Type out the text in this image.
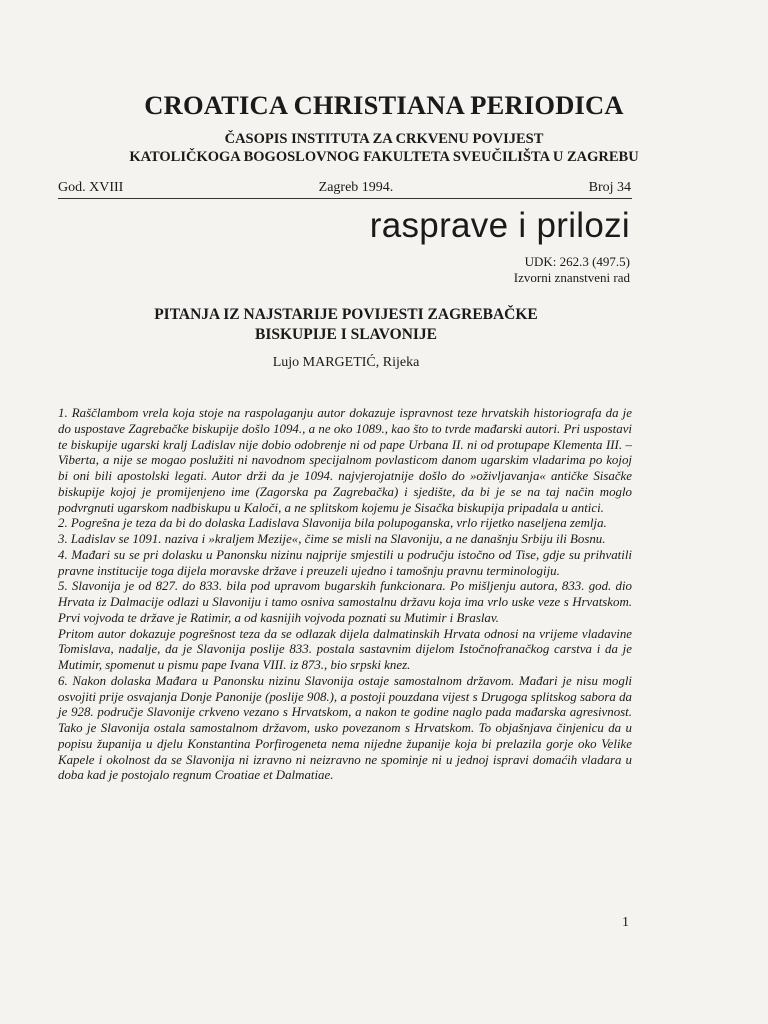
CROATICA CHRISTIANA PERIODICA
ČASOPIS INSTITUTA ZA CRKVENU POVIJEST
KATOLIČKOGA BOGOSLOVNOG FAKULTETA SVEUČILIŠTA U ZAGREBU
God. XVIII	Zagreb 1994.	Broj 34
rasprave i prilozi
UDK: 262.3 (497.5)
Izvorni znanstveni rad
PITANJA IZ NAJSTARIJE POVIJESTI ZAGREBAČKE
BISKUPIJE I SLAVONIJE
Lujo MARGETIĆ, Rijeka

1. Raščlambom vrela koja stoje na raspolaganju autor dokazuje ispravnost teze hrvatskih historiografa da je do uspostave Zagrebačke biskupije došlo 1094., a ne oko 1089., kao što to tvrde mađarski autori. Pri uspostavi te biskupije ugarski kralj Ladislav nije dobio odobrenje ni od pape Urbana II. ni od protupape Klementa III. – Viberta, a nije se mogao poslužiti ni navodnom specijalnom povlasticom danom ugarskim vladarima po kojoj bi oni bili apostolski legati. Autor drži da je 1094. najvjerojatnije došlo do »oživljavanja« antičke Sisačke biskupije kojoj je promijenjeno ime (Zagorska pa Zagrebačka) i sjedište, da bi je se na taj način moglo podvrgnuti ugarskom nadbiskupu u Kaloči, a ne splitskom kojemu je Sisačka biskupija pripadala u antici.

2. Pogrešna je teza da bi do dolaska Ladislava Slavonija bila polupoganska, vrlo rijetko naseljena zemlja.

3. Ladislav se 1091. naziva i »kraljem Mezije«, čime se misli na Slavoniju, a ne današnju Srbiju ili Bosnu.

4. Mađari su se pri dolasku u Panonsku nizinu najprije smjestili u području istočno od Tise, gdje su prihvatili pravne institucije toga dijela moravske države i preuzeli ujedno i tamošnju pravnu terminologiju.

5. Slavonija je od 827. do 833. bila pod upravom bugarskih funkcionara. Po mišljenju autora, 833. god. dio Hrvata iz Dalmacije odlazi u Slavoniju i tamo osniva samostalnu državu koja ima vrlo uske veze s Hrvatskom. Prvi vojvoda te države je Ratimir, a od kasnijih vojvoda poznati su Mutimir i Braslav.

Pritom autor dokazuje pogrešnost teza da se odlazak dijela dalmatinskih Hrvata odnosi na vrijeme vladavine Tomislava, nadalje, da je Slavonija poslije 833. postala sastavnim dijelom Istočnofranačkog carstva i da je Mutimir, spomenut u pismu pape Ivana VIII. iz 873., bio srpski knez.

6. Nakon dolaska Mađara u Panonsku nizinu Slavonija ostaje samostalnom državom. Mađari je nisu mogli osvojiti prije osvajanja Donje Panonije (poslije 908.), a postoji pouzdana vijest s Drugoga splitskog sabora da je 928. područje Slavonije crkveno vezano s Hrvatskom, a nakon te godine naglo pada mađarska agresivnost. Tako je Slavonija ostala samostalnom državom, usko povezanom s Hrvatskom. To objašnjava činjenicu da u popisu županija u djelu Konstantina Porfirogeneta nema nijedne županije koja bi prelazila gorje oko Velike Kapele i okolnost da se Slavonija ni izravno ni neizravno ne spominje ni u jednoj ispravi domaćih vladara u doba kad je postojalo regnum Croatiae et Dalmatiae.

1
